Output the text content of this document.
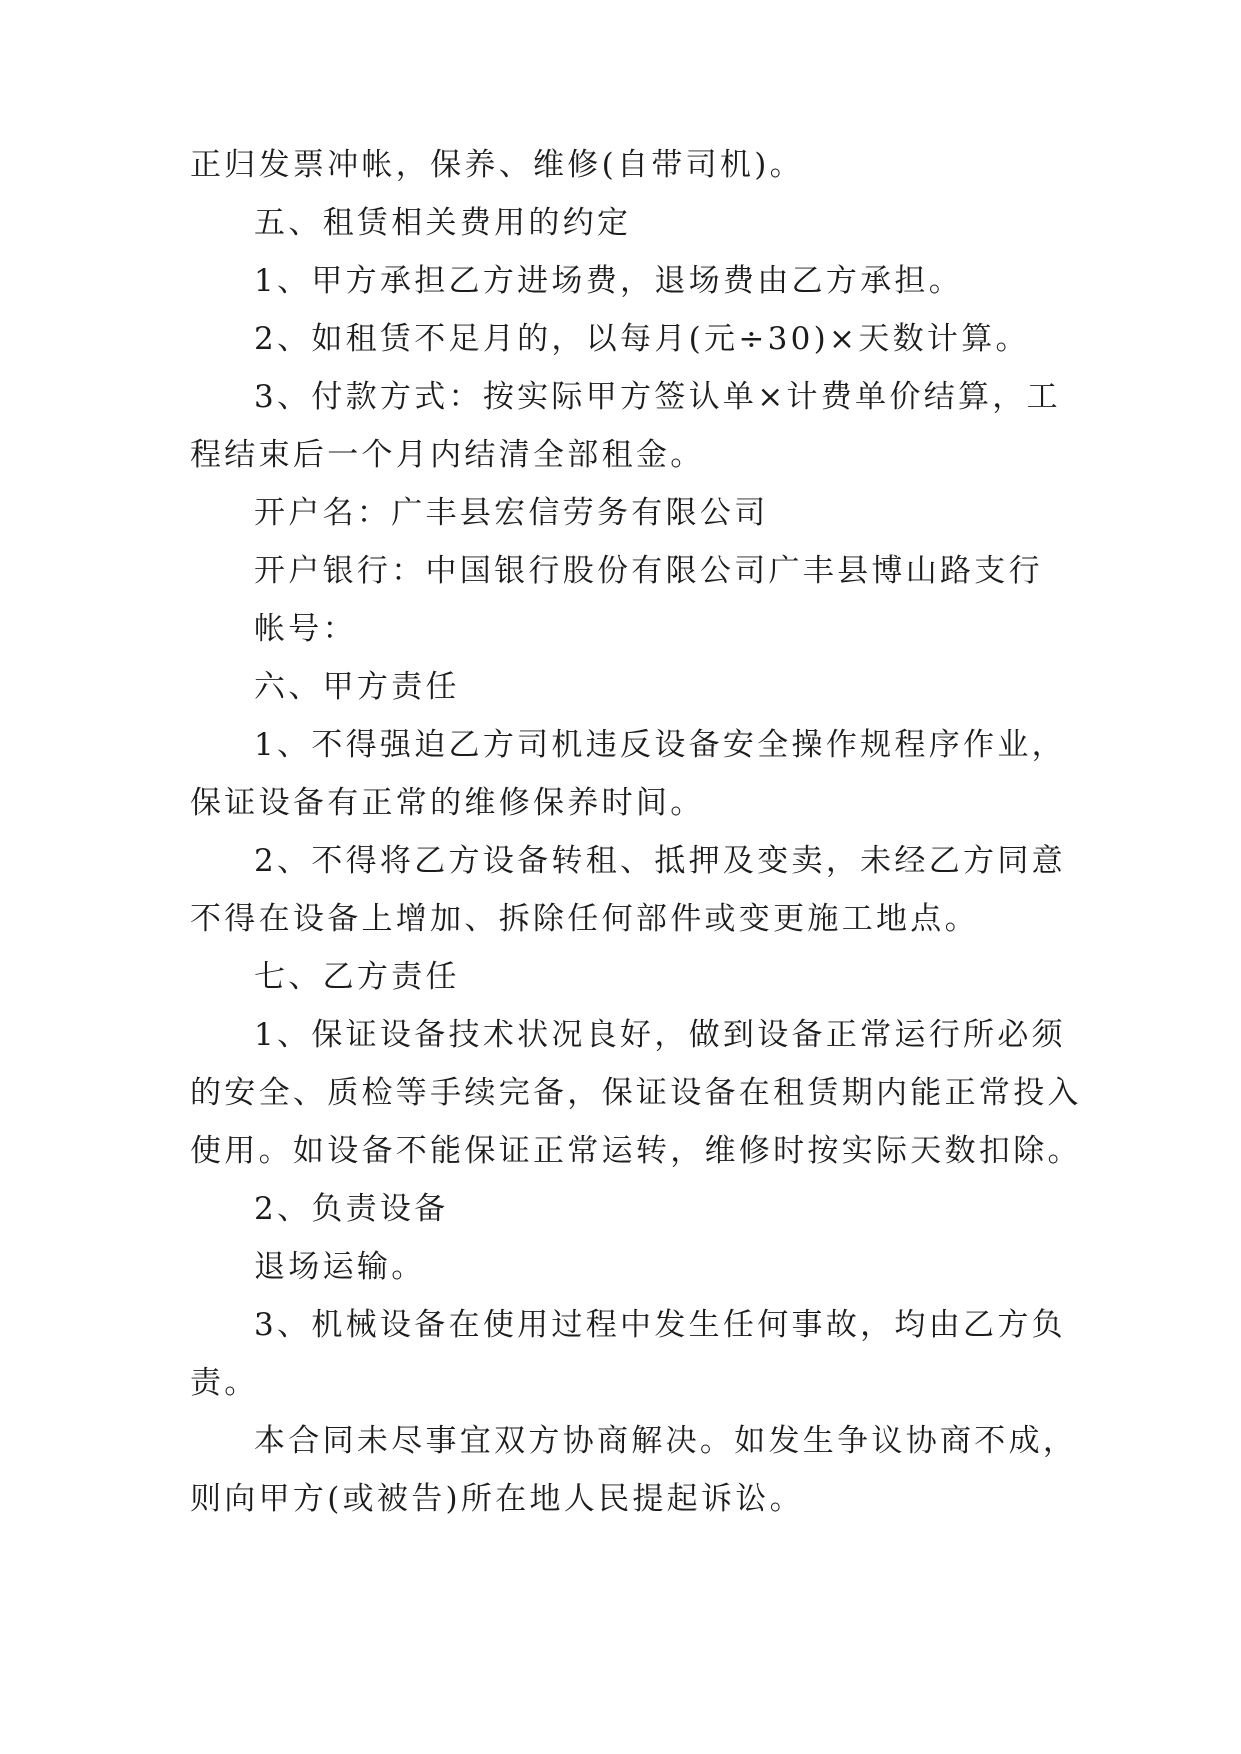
正归发票冲帐，保养、维修(自带司机)。
五、租赁相关费用的约定
1、甲方承担乙方进场费，退场费由乙方承担。
2、如租赁不足月的，以每月(元÷30)×天数计算。
3、付款方式：按实际甲方签认单×计费单价结算，工
程结束后一个月内结清全部租金。
开户名：广丰县宏信劳务有限公司
开户银行：中国银行股份有限公司广丰县博山路支行
帐号：
六、甲方责任
1、不得强迫乙方司机违反设备安全操作规程序作业，
保证设备有正常的维修保养时间。
2、不得将乙方设备转租、抵押及变卖，未经乙方同意
不得在设备上增加、拆除任何部件或变更施工地点。
七、乙方责任
1、保证设备技术状况良好，做到设备正常运行所必须
的安全、质检等手续完备，保证设备在租赁期内能正常投入
使用。如设备不能保证正常运转，维修时按实际天数扣除。
2、负责设备
退场运输。
3、机械设备在使用过程中发生任何事故，均由乙方负
责。
本合同未尽事宜双方协商解决。如发生争议协商不成，
则向甲方(或被告)所在地人民提起诉讼。
